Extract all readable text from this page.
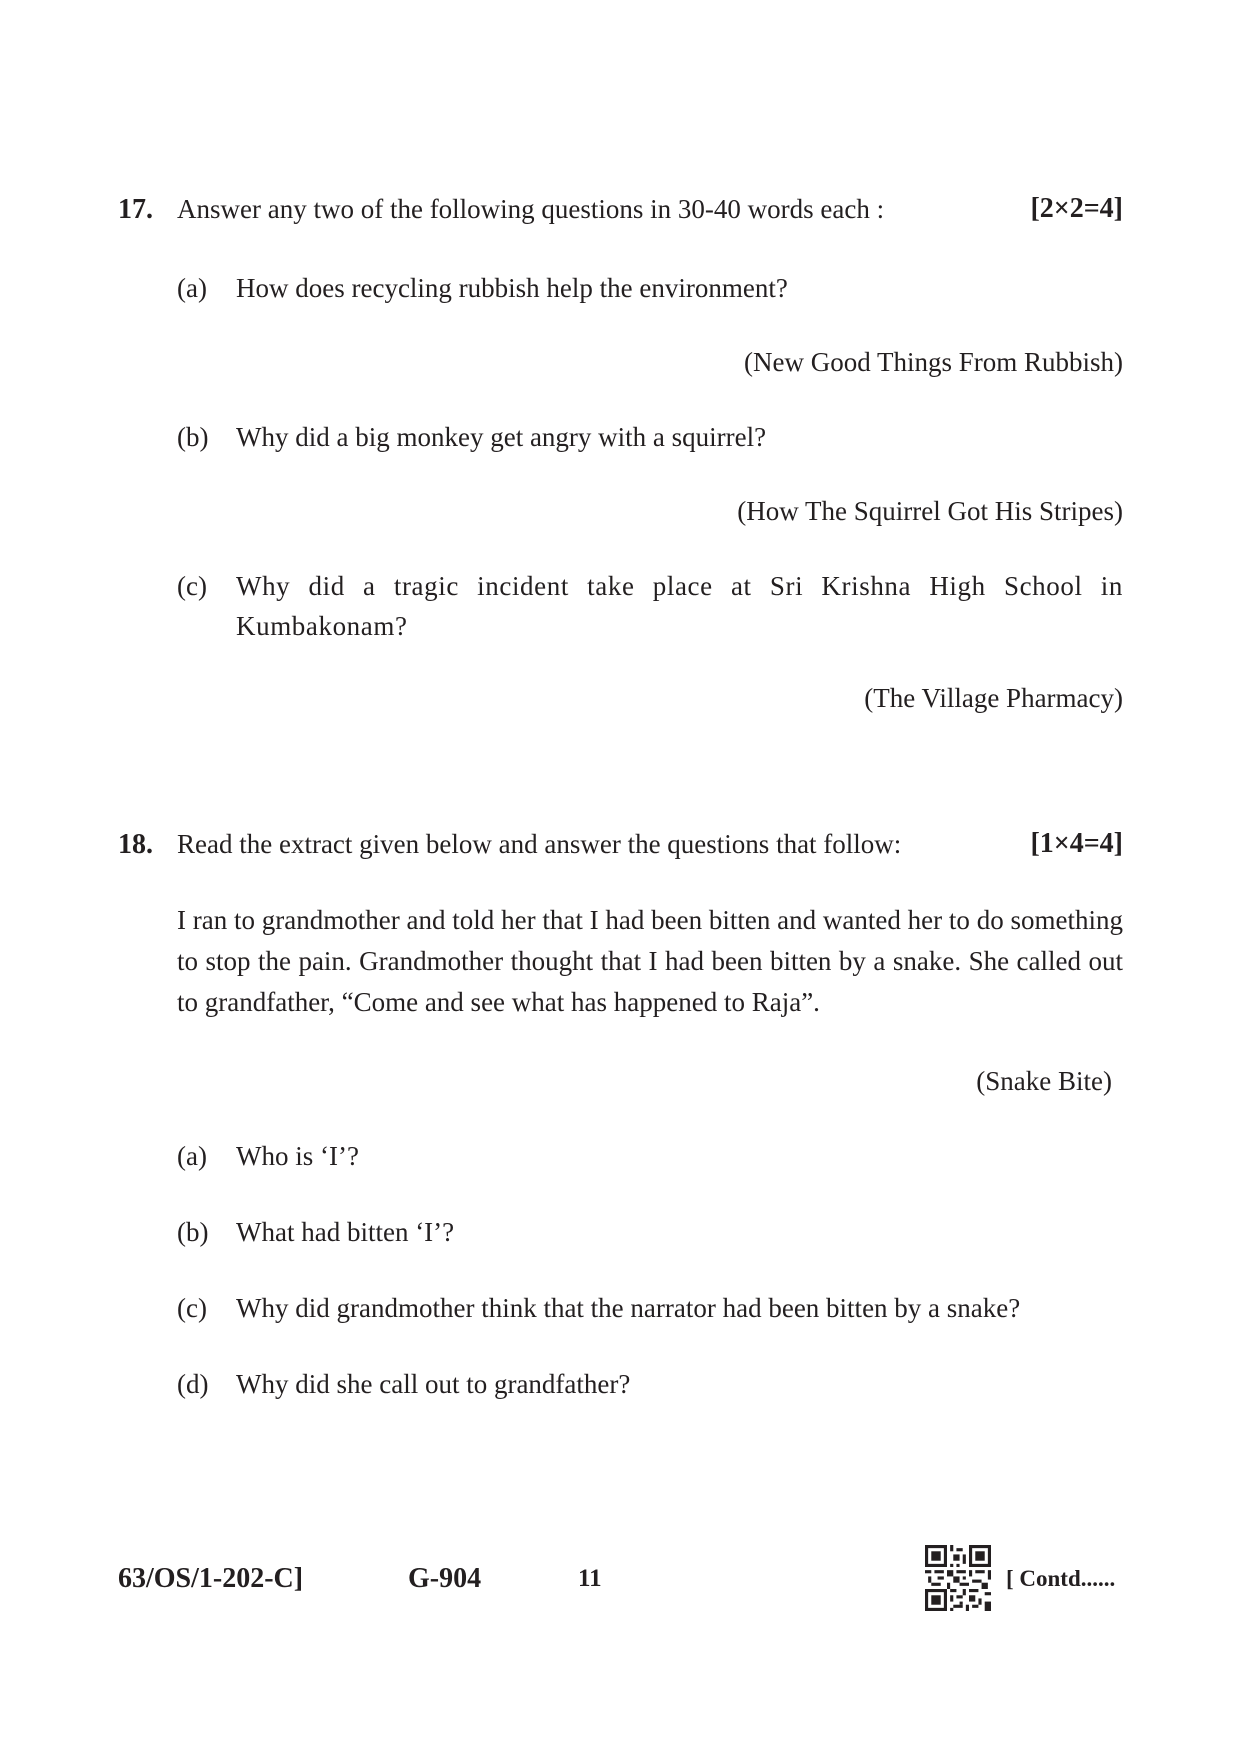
17. Answer any two of the following questions in 30-40 words each :	[2×2=4]
(a) How does recycling rubbish help the environment?
(New Good Things From Rubbish)
(b) Why did a big monkey get angry with a squirrel?
(How The Squirrel Got His Stripes)
(c) Why did a tragic incident take place at Sri Krishna High School in Kumbakonam?
(The Village Pharmacy)
18. Read the extract given below and answer the questions that follow:	[1×4=4]
I ran to grandmother and told her that I had been bitten and wanted her to do something to stop the pain. Grandmother thought that I had been bitten by a snake. She called out to grandfather, “Come and see what has happened to Raja”.
(Snake Bite)
(a) Who is ‘I’?
(b) What had bitten ‘I’?
(c) Why did grandmother think that the narrator had been bitten by a snake?
(d) Why did she call out to grandfather?
63/OS/1-202-C]	G-904	11	[ Contd......
